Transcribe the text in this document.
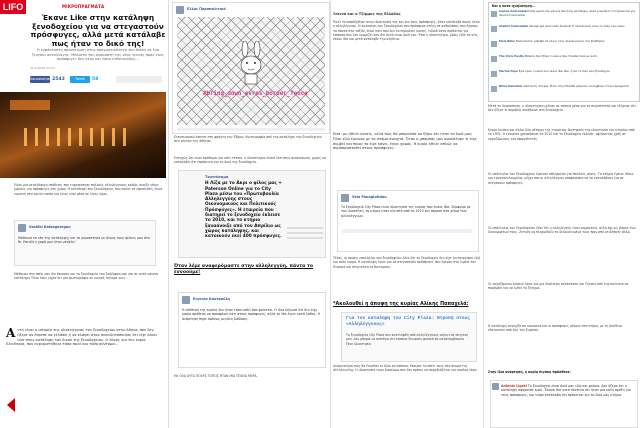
LIFO	ΜΙΚΡΟΠΡΑΓΜΑΤΑ
Έκανε Like στην κατάληψη ξενοδοχείου για να στεγαστούν πρόσφυγες, αλλά μετά κατάλαβε πως ήταν το δικό της!
Η ευφάνταστη προσγείωση στην πραγματικότητα του Alexis σε ένα ζευγάρι ανταλλαγής. Μάλιστα του αγοραστή της νέας γενεάς προς τους πρόσφυγες δεν ήταν και τόσο ενθουσιώδης...
21.4.2016 15:12
Κοινοποίηση 2543	Tweet	58
Είναι μια μεγαλόψυχη υπόθεση, που ευχαρίστησε πολλούς αλληλέγγυους καθώς άνοιξε νέους χώρους για πρόσφυγες στη χώρα. Η κατάληψη του ξενοδοχείου, που ανήκε σε εφοπλιστή, έγινε γνωστή στα social media και έγινε viral μέσα σε λίγες ώρες.
Vasiliki Katsogeorgou
Μάθαινα τα νέα της κατάληψης και το μοιραστηκα με όλους τους φίλους μου στο fb. Επειδή η χαρά μου ήταν μεγάλη!
Μάθαινω στο σπίτι μου ότι έπιασαν και το ξενοδοχείο του ξαδέρφου μου και σε αυτό κάνουν κατάληψη. Όλοι τους είχαν δει μία φωτογραφία σε κινητό, πήγαμε εκεί...
Α υτή είναι η ιστορία της ιδιοκτήτριας του ξενοδοχείου στην Αθήνα, που δεν ήξερε αν έπρεπε να γελάσει ή να κλάψει όταν συνειδητοποίησε ότι είχε κάνει Like στην κατάληψη του δικού της ξενοδοχείου. Ο λόγος για την κυρία Ελευθερία, που ευχαριστήθηκε τόσο πολύ και τόσο σύντομα...
Ελλάς Παραπολιτικά
#bring_down_evros_border_fence
Εντυπωσιακό banner στη φράχτη του Έβρου. Φωτογραφία από την κατάληψη του ξενοδοχείου στο κέντρο της Αθήνας.
Ευτυχώς ότι είναι πρόθυμοι για κάτι τέτοιο, η ιδιοκτήτρια έκανε like στην ανακοίνωση, χωρίς να καταλάβει ότι επρόκειτο για το δικό της ξενοδοχείο.
Τουτεύσημα
Η Λίζα με το Ακρι ο φίλος μας + Paterson Οnline για το City Plaza μέσω του «Πρωτοβουλία Αλληλεγγύης στους Οικονομικούς και Πολιτικούς Πρόσφυγες». Η εταιρεία που διατηρεί το ξενοδοχείο έκλεισε το 2010, και το κτήριο ξαναάνοιξε από τον Απρίλιο ως χώρος κατάληψης, και κατοικούν εκεί 400 πρόσφυγες.
Όταν λέμε αναφερόμαστε στην αλληλεγγύη, πάντα το εννοούμε!
Ευγενία Κουτρούλη
Η υπόθεση της κυρίας δεν ήταν τόσο απλή όσο φαίνεται. Η ίδια δήλωσε ότι δεν είχε καμία πρόθεση να προσφέρει κάτι στους πρόσφυγες, αλλά το like έγινε κατά λάθος. Η ανάρτηση πήρε αμέσως μεγάλη διάδοση.
Με ΟΛΑ ΑΥΤΑ ΠΟΛΥΣ ΤΟΠΟΣ ΗΤΑΝ ΜΙΑ ΤΕΛΕΙΑ ΜΕΡΑ.
Ξεκινά και ο Τζίμμυς της Ελλάδος
Πολύ το αποδέχθηκε στην ιδιοκτησία της και για τους πρόσφυγες, όταν κατάλαβε ποιος ήταν ο αλληλέγγυος. Η καλοσύνη του ξενοδοχείου που πρόσφερε στέγη σε ανθρώπους που έχασαν τα πάντα στο ταξίδι, είναι κάτι που δεν το περιμένει κανείς, ειδικά όταν πρόκειται για κάποιον που δεν γνωρίζει καν ότι αυτό είναι δικό του. Έτσι η ιδιοκτήτρια, μόλις είδε τα νέα, έκανε like και μετά κατάλαβε την αλήθεια.
Είπε: μη ήθελε κανείς, αλλά πώς θα μπορούσα να ξέρω ότι ήταν το δικό μου; Όλοι εδώ έμειναν με το στόμα ανοιχτό. Όταν ο μπαμπάς μου ανακάλυψε τι είχε συμβεί και ποιος το είχε κάνει, έγινε χαμός. Η κυρία ήθελε απλώς να συμπαρασταθεί στους πρόσφυγες.
Vela Panagiotidou
Το ξενοδοχείο City Plaza είναι ιδιοκτησία της κυρίας που έκανε like. Σύμφωνα με τον ιδιοκτήτη, το κτίριο ήταν κλειστό από το 2010 και πέρασε στα χέρια των αλληλέγγυων.
Τέλος, οι πρώην υπαλλήλοι του ξενοδοχείου λένε ότι το ξενοδοχείο δεν είχε λειτουργήσει εδώ και πολύ καιρό. Η κατάληψη έγινε για να στεγαστούν πρόσφυγες που έμεναν στο λιμάνι του Πειραιά και στην πλατεία Βικτωρίας.
*Ακολουθεί η άποψη της κυρίας Αλίκης Παπαχελά:
Για τον καταληψη του City Plaza: Ντροπή στους «Αλληλέγγυους»
Το ξενοδοχείο City Plaza που κατελήφθη από αλληλέγγυους ανήκει σε συγγενή μου. Δεν μπορώ να πιστέψω ότι κάποιοι θεωρούν φυσικό να καταλαμβάνουν ξένη ιδιοκτησία.
Αναρωτιέμαι πώς θα ένιωθαν οι ίδιοι αν κάποιος έπαιρνε το σπίτι τους στο όνομα της αλληλεγγύης. Η ιδιοκτησία είναι δικαίωμα που δεν πρέπει να παραβιάζεται για κανένα λόγο.
Και η κατα ιχνηλάτηση...
Ioanna Andreadaki Πολύ ωραίο που κάνετε like στην κατάληψη, αλλά γνωρίζετε ότι πρόκειται για ιδιωτική περιουσία;
Vasiliki Andreadaki Κάναμε μια πολύ καλή δουλειά! Η αλληλεγγύη είναι το όπλο των λαών.
Eleni Baka Πολύ σωστά, μπράβο σε όλους τους αλληλέγγυους που βοήθησαν.
The Chris Hestia Μάλλον δεν ήξερε τι έκανε like. Γέλασα πολύ με αυτό.
Marina Papa Εγώ είμαι η κυρία που έκανε like. Ναι, ήταν το δικό μου ξενοδοχείο.
Nikos Kalantzis Απίστευτη ιστορία. Μόνο στην Ελλάδα μπορούν να συμβούν τέτοια πράγματα!
Μετά τη δημοσίευση, η ιδιοκτήτρια μίλησε σε τοπικά μέσα για το περιστατικό και εξήγησε ότι δεν ήξερε τι ακριβώς συνέβαινε στο ξενοδοχείο.
Κυρία Λιγάκη και άλλοι δύο μέτοχοι της εταιρείας διατηρούν την ιδιοκτησία του κτηρίου από το 1992. Η εταιρεία χρεοκόπησε το 2010 και το ξενοδοχείο έκλεισε, αφήνοντας χρέη σε εργαζόμενους και προμηθευτές.
Οι υπάλληλοι του ξενοδοχείου έμειναν απλήρωτοι για πολλούς μήνες. Το κτήριο έμεινε άδειο και εγκαταλελειμμένο, μέχρι που οι αλληλέγγυοι αποφάσισαν να το καταλάβουν για να στεγάσουν πρόσφυγες.
Οι υπάλληλοι του ξενοδοχείου λένε ότι η αλληλεγγύη είναι σημαντική, αλλά όχι εις βάρος των δικαιωμάτων τους. Ζητούν να πληρωθούν τα δεδουλευμένα τους πριν από οτιδήποτε άλλο.
Οι εργαζόμενοι κάνουν λόγο για μια ιδιαίτερη κατάσταση και ζητούν από την πολιτεία να παρέμβει για να λυθεί το ζήτημα.
Η κατάληψη συνεχίζεται κανονικά και οι πρόσφυγες μένουν στο κτίριο, με τη βοήθεια εθελοντών από όλη την Ευρώπη.
Στην ίδια ανάρτηση, η κυρία Λιγάκη πρόσθεσε:
Antonia Ligaki Το ξενοδοχείο είναι δικό μας εδώ και χρόνια. Δεν ήξερα ότι η κατάληψη αφορούσε εμάς. Έκανα like γιατί πίστευα ότι ήταν μια καλή πράξη για τους πρόσφυγες, και τώρα κατάλαβα ότι πρόκειται για το δικό μας κτήριο.
